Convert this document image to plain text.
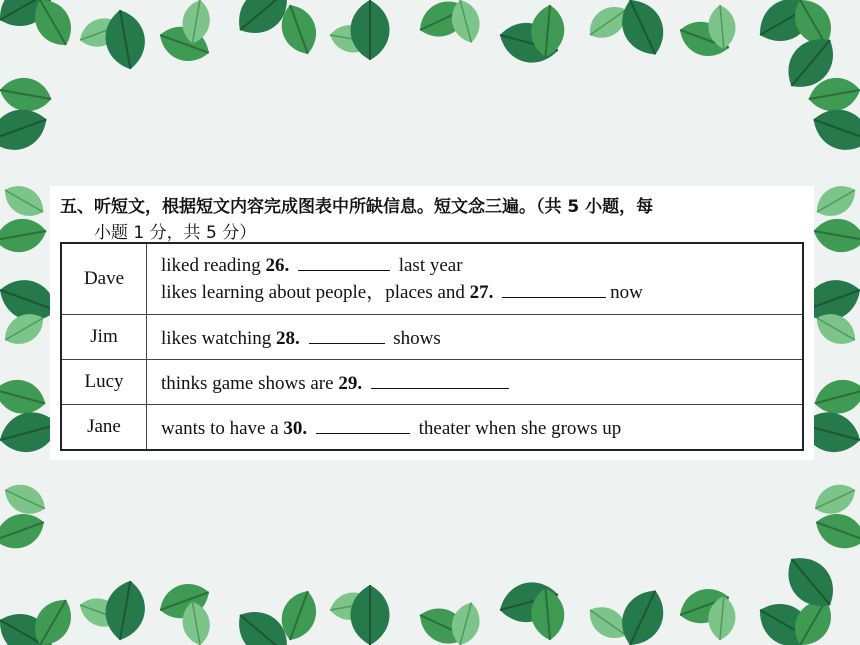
五、听短文，根据短文内容完成图表中所缺信息。短文念三遍。（共 5 小题，每
小题 1 分，共 5 分）
Dave	liked reading 26. last year
likes learning about people，places and 27. now

Jim	likes watching 28. shows
Lucy	thinks game shows are 29.
Jane	wants to have a 30. theater when she grows up
